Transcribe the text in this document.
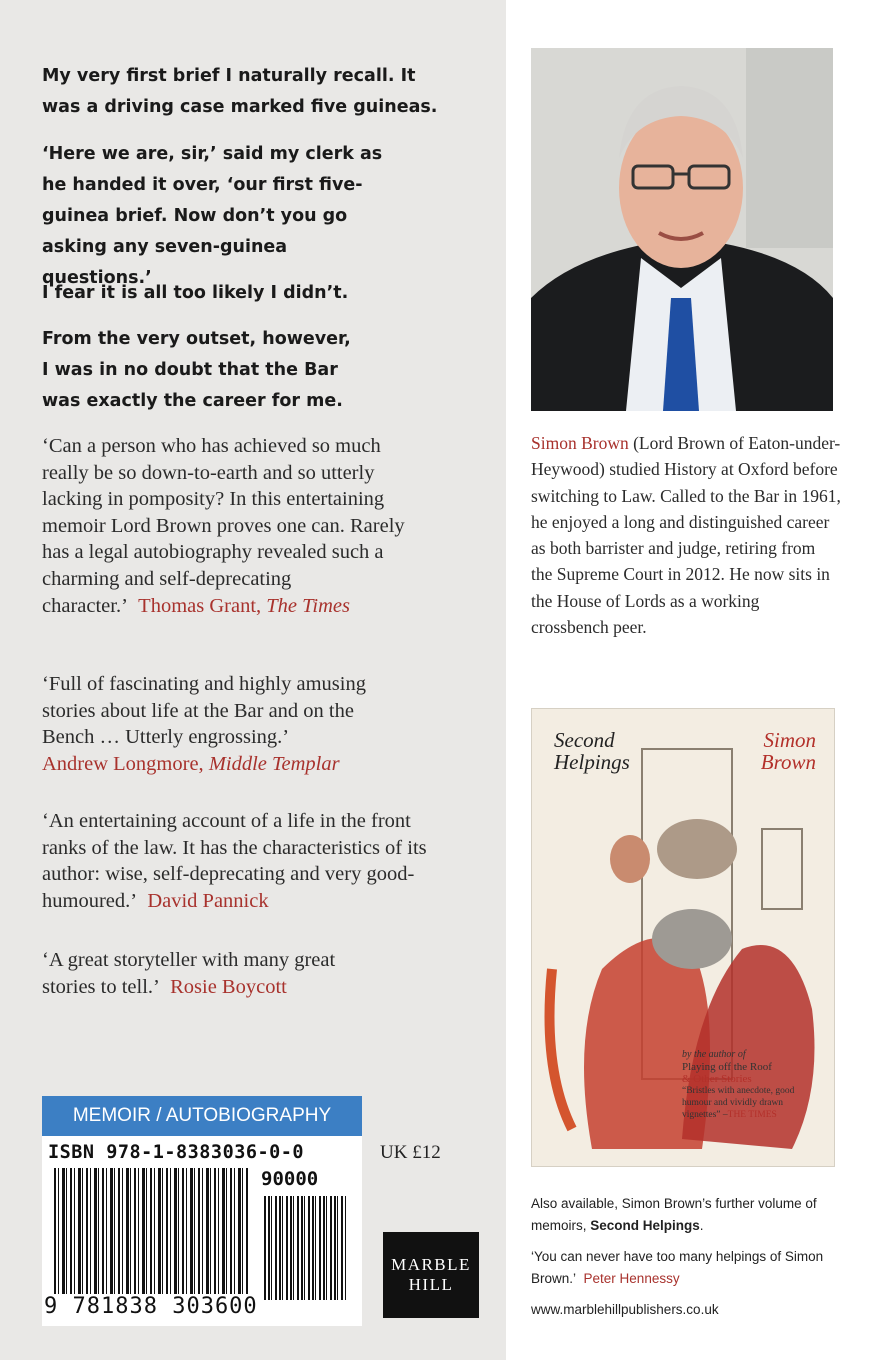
My very first brief I naturally recall. It was a driving case marked five guineas.

‘Here we are, sir,’ said my clerk as he handed it over, ‘our first five-guinea brief. Now don’t you go asking any seven-guinea questions.’

I fear it is all too likely I didn’t.

From the very outset, however, I was in no doubt that the Bar was exactly the career for me.

‘Can a person who has achieved so much really be so down-to-earth and so utterly lacking in pomposity? In this entertaining memoir Lord Brown proves one can. Rarely has a legal autobiography revealed such a charming and self-deprecating character.’ Thomas Grant, The Times

‘Full of fascinating and highly amusing stories about life at the Bar and on the Bench … Utterly engrossing.’
Andrew Longmore, Middle Templar

‘An entertaining account of a life in the front ranks of the law. It has the characteristics of its author: wise, self-deprecating and very good-humoured.’ David Pannick

‘A great storyteller with many great stories to tell.’ Rosie Boycott

MEMOIR / AUTOBIOGRAPHY
ISBN 978-1-8383036-0-0
90000
9 781838 303600
UK £12
MARBLE
HILL
Simon Brown (Lord Brown of Eaton-under-Heywood) studied History at Oxford before switching to Law. Called to the Bar in 1961, he enjoyed a long and distinguished career as both barrister and judge, retiring from the Supreme Court in 2012. He now sits in the House of Lords as a working crossbench peer.
Second
Helpings
Simon
Brown
by the author of
Playing off the Roof
& Other Stories
“Bristles with anecdote, good humour and vividly drawn vignettes” –THE TIMES

Also available, Simon Brown’s further volume of memoirs, Second Helpings.

‘You can never have too many helpings of Simon Brown.’ Peter Hennessy

www.marblehillpublishers.co.uk
